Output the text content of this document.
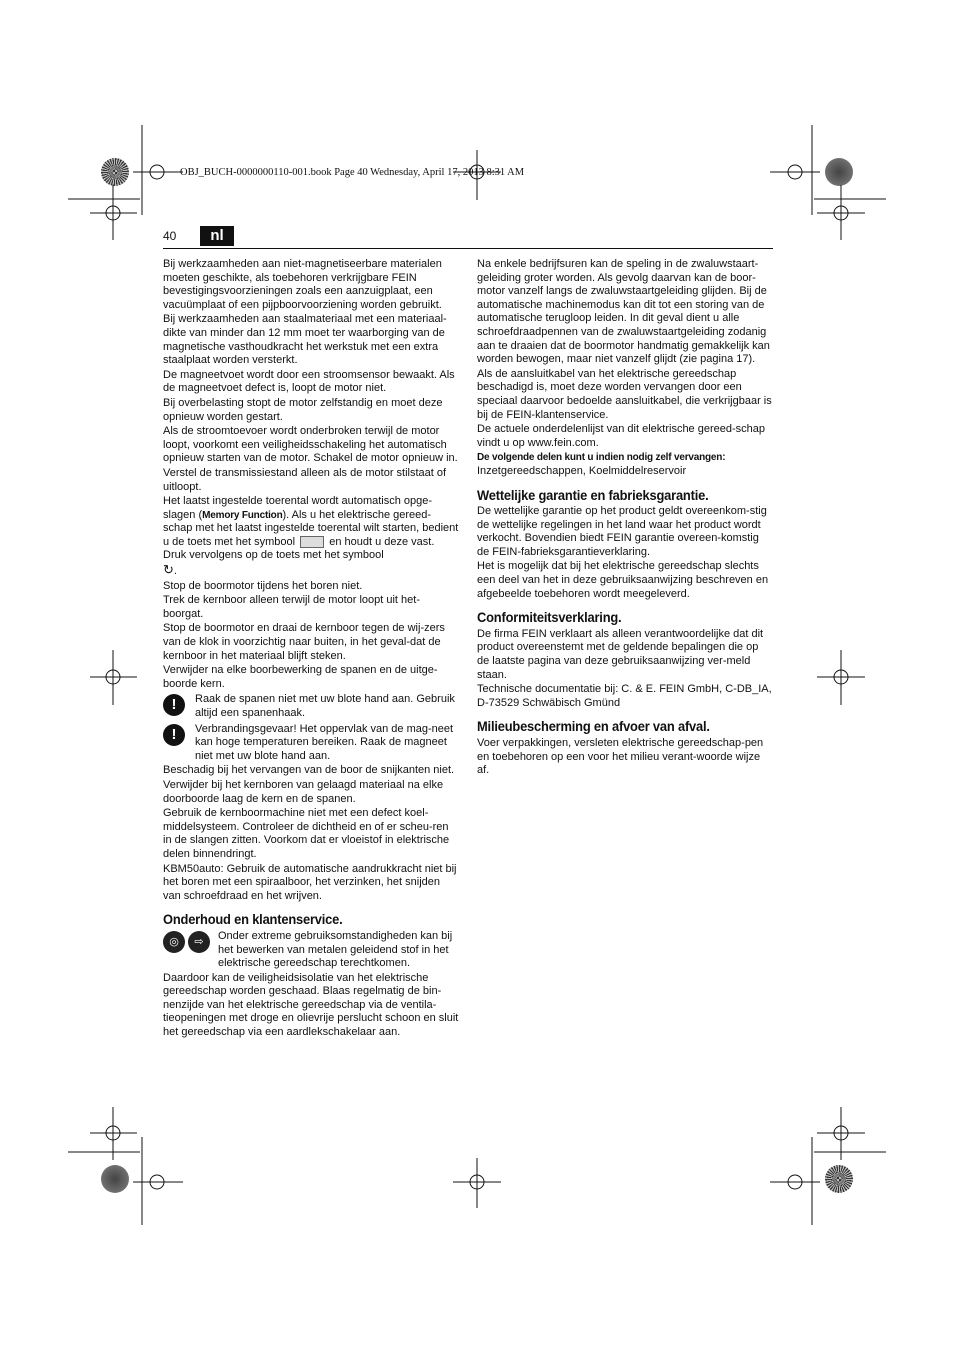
OBJ_BUCH-0000000110-001.book Page 40 Wednesday, April 17, 2013 8:31 AM
40	nl

Bij werkzaamheden aan niet-magnetiseerbare materialen moeten geschikte, als toebehoren verkrijgbare FEIN bevestigingsvoorzieningen zoals een aanzuigplaat, een vacuümplaat of een pijpboorvoorziening worden gebruikt.

Bij werkzaamheden aan staalmateriaal met een materiaal-dikte van minder dan 12 mm moet ter waarborging van de magnetische vasthoudkracht het werkstuk met een extra staalplaat worden versterkt.

De magneetvoet wordt door een stroomsensor bewaakt. Als de magneetvoet defect is, loopt de motor niet.

Bij overbelasting stopt de motor zelfstandig en moet deze opnieuw worden gestart.

Als de stroomtoevoer wordt onderbroken terwijl de motor loopt, voorkomt een veiligheidsschakeling het automatisch opnieuw starten van de motor. Schakel de motor opnieuw in.

Verstel de transmissiestand alleen als de motor stilstaat of uitloopt.

Het laatst ingestelde toerental wordt automatisch opge-slagen (Memory Function). Als u het elektrische gereed-schap met het laatst ingestelde toerental wilt starten, bedient u de toets met het symbool	en houdt u deze vast. Druk vervolgens op de toets met het symbool
↻.

Stop de boormotor tijdens het boren niet.

Trek de kernboor alleen terwijl de motor loopt uit het-boorgat.

Stop de boormotor en draai de kernboor tegen de wij-zers van de klok in voorzichtig naar buiten, in het geval-dat de kernboor in het materiaal blijft steken.

Verwijder na elke boorbewerking de spanen en de uitge-boorde kern.

!	Raak de spanen niet met uw blote hand aan. Gebruik altijd een spanenhaak.
!	Verbrandingsgevaar! Het oppervlak van de mag-neet kan hoge temperaturen bereiken. Raak de magneet niet met uw blote hand aan.

Beschadig bij het vervangen van de boor de snijkanten niet.

Verwijder bij het kernboren van gelaagd materiaal na elke doorboorde laag de kern en de spanen.

Gebruik de kernboormachine niet met een defect koel-middelsysteem. Controleer de dichtheid en of er scheu-ren in de slangen zitten. Voorkom dat er vloeistof in elektrische delen binnendringt.

KBM50auto: Gebruik de automatische aandrukkracht niet bij het boren met een spiraalboor, het verzinken, het snijden van schroefdraad en het wrijven.

Onderhoud en klantenservice.
◎	⇨	Onder extreme gebruiksomstandigheden kan bij het bewerken van metalen geleidend stof in het elektrische gereedschap terechtkomen.

Daardoor kan de veiligheidsisolatie van het elektrische gereedschap worden geschaad. Blaas regelmatig de bin-nenzijde van het elektrische gereedschap via de ventila-tieopeningen met droge en olievrije perslucht schoon en sluit het gereedschap via een aardlekschakelaar aan.

Na enkele bedrijfsuren kan de speling in de zwaluwstaart-geleiding groter worden. Als gevolg daarvan kan de boor-motor vanzelf langs de zwaluwstaartgeleiding glijden. Bij de automatische machinemodus kan dit tot een storing van de automatische terugloop leiden. In dit geval dient u alle schroefdraadpennen van de zwaluwstaartgeleiding zodanig aan te draaien dat de boormotor handmatig gemakkelijk kan worden bewogen, maar niet vanzelf glijdt (zie pagina 17).

Als de aansluitkabel van het elektrische gereedschap beschadigd is, moet deze worden vervangen door een speciaal daarvoor bedoelde aansluitkabel, die verkrijgbaar is bij de FEIN-klantenservice.

De actuele onderdelenlijst van dit elektrische gereed-schap vindt u op www.fein.com.

De volgende delen kunt u indien nodig zelf vervangen:
Inzetgereedschappen, Koelmiddelreservoir

Wettelijke garantie en fabrieksgarantie.

De wettelijke garantie op het product geldt overeenkom-stig de wettelijke regelingen in het land waar het product wordt verkocht. Bovendien biedt FEIN garantie overeen-komstig de FEIN-fabrieksgarantieverklaring.

Het is mogelijk dat bij het elektrische gereedschap slechts een deel van het in deze gebruiksaanwijzing beschreven en afgebeelde toebehoren wordt meegeleverd.

Conformiteitsverklaring.

De firma FEIN verklaart als alleen verantwoordelijke dat dit product overeenstemt met de geldende bepalingen die op de laatste pagina van deze gebruiksaanwijzing ver-meld staan.

Technische documentatie bij: C. & E. FEIN GmbH, C-DB_IA, D-73529 Schwäbisch Gmünd

Milieubescherming en afvoer van afval.

Voer verpakkingen, versleten elektrische gereedschap-pen en toebehoren op een voor het milieu verant-woorde wijze af.
